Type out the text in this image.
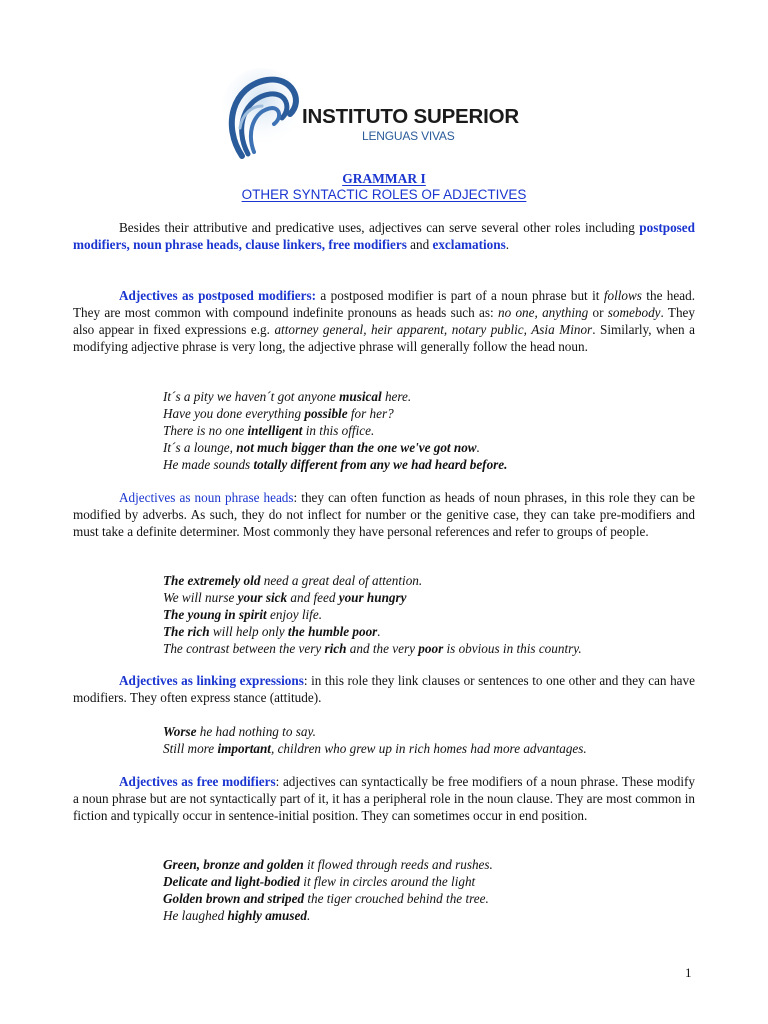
INSTITUTO SUPERIOR
LENGUAS VIVAS
GRAMMAR I
OTHER SYNTACTIC ROLES OF ADJECTIVES
Besides their attributive and predicative uses, adjectives can serve several other roles including postposed modifiers, noun phrase heads, clause linkers, free modifiers and exclamations.
Adjectives as postposed modifiers: a postposed modifier is part of a noun phrase but it follows the head. They are most common with compound indefinite pronouns as heads such as: no one, anything or somebody. They also appear in fixed expressions e.g. attorney general, heir apparent, notary public, Asia Minor. Similarly, when a modifying adjective phrase is very long, the adjective phrase will generally follow the head noun.
It´s a pity we haven´t got anyone musical here.
Have you done everything possible for her?
There is no one intelligent in this office.
It´s a lounge, not much bigger than the one we've got now.
He made sounds totally different from any we had heard before.
Adjectives as noun phrase heads: they can often function as heads of noun phrases, in this role they can be modified by adverbs. As such, they do not inflect for number or the genitive case, they can take pre-modifiers and must take a definite determiner. Most commonly they have personal references and refer to groups of people.
The extremely old need a great deal of attention.
We will nurse your sick and feed your hungry
The young in spirit enjoy life.
The rich will help only the humble poor.
The contrast between the very rich and the very poor is obvious in this country.
Adjectives as linking expressions: in this role they link clauses or sentences to one other and they can have modifiers. They often express stance (attitude).
Worse he had nothing to say.
Still more important, children who grew up in rich homes had more advantages.
Adjectives as free modifiers: adjectives can syntactically be free modifiers of a noun phrase. These modify a noun phrase but are not syntactically part of it, it has a peripheral role in the noun clause. They are most common in fiction and typically occur in sentence-initial position. They can sometimes occur in end position.
Green, bronze and golden it flowed through reeds and rushes.
Delicate and light-bodied it flew in circles around the light
Golden brown and striped the tiger crouched behind the tree.
He laughed highly amused.
1
